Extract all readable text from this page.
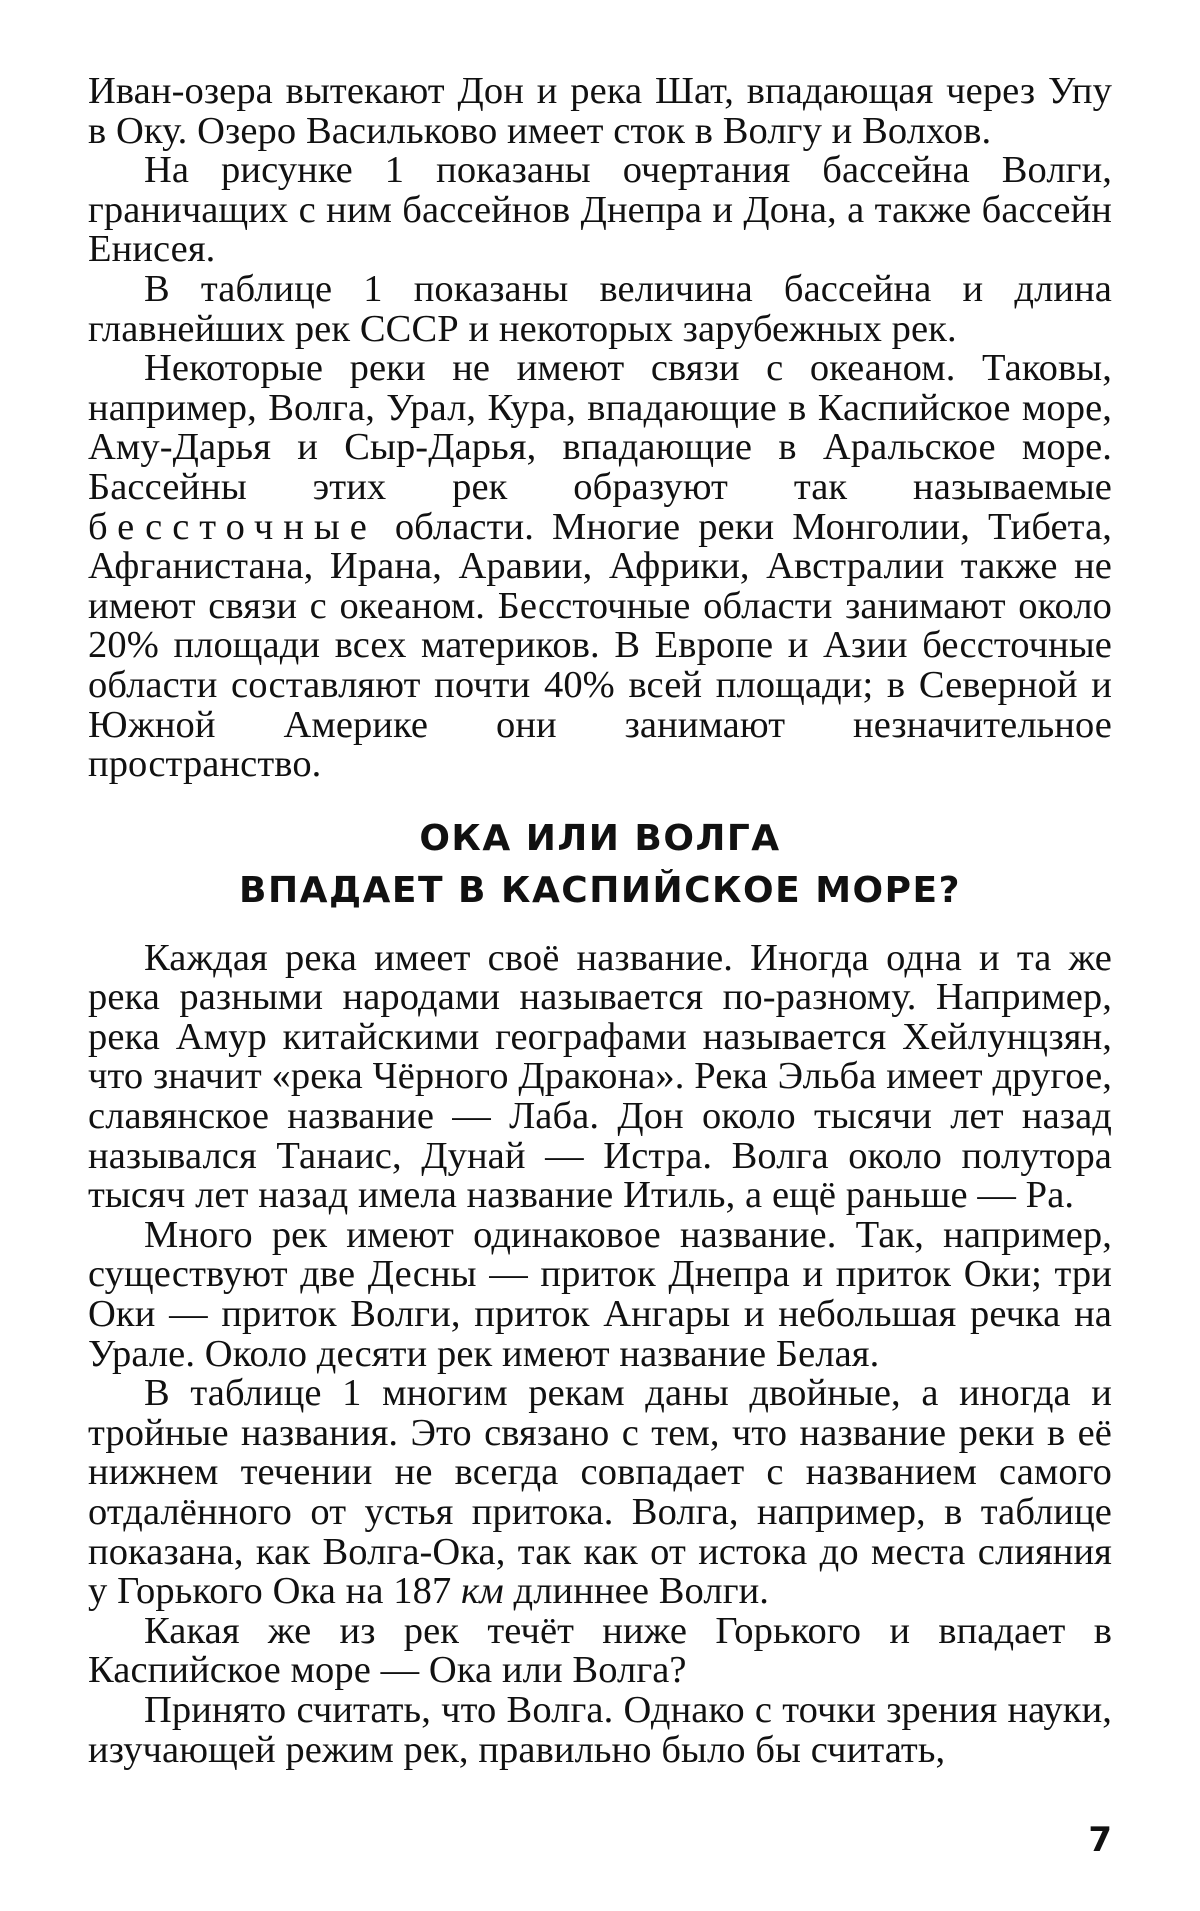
Иван-озера вытекают Дон и река Шат, впадающая через Упу в Оку. Озеро Васильково имеет сток в Волгу и Волхов.

На рисунке 1 показаны очертания бассейна Волги, граничащих с ним бассейнов Днепра и Дона, а также бассейн Енисея.

В таблице 1 показаны величина бассейна и длина главнейших рек СССР и некоторых зарубежных рек.

Некоторые реки не имеют связи с океаном. Таковы, например, Волга, Урал, Кура, впадающие в Каспийское море, Аму-Дарья и Сыр-Дарья, впадающие в Аральское море. Бассейны этих рек образуют так называемые бессточные области. Многие реки Монголии, Тибета, Афганистана, Ирана, Аравии, Африки, Австралии также не имеют связи с океаном. Бессточные области занимают около 20% площади всех материков. В Европе и Азии бессточные области составляют почти 40% всей площади; в Северной и Южной Америке они занимают незначительное пространство.

ОКА ИЛИ ВОЛГА
ВПАДАЕТ В КАСПИЙСКОЕ МОРЕ?

Каждая река имеет своё название. Иногда одна и та же река разными народами называется по-разному. Например, река Амур китайскими географами называется Хейлунцзян, что значит «река Чёрного Дракона». Река Эльба имеет другое, славянское название — Лаба. Дон около тысячи лет назад назывался Танаис, Дунай — Истра. Волга около полутора тысяч лет назад имела название Итиль, а ещё раньше — Ра.

Много рек имеют одинаковое название. Так, например, существуют две Десны — приток Днепра и приток Оки; три Оки — приток Волги, приток Ангары и небольшая речка на Урале. Около десяти рек имеют название Белая.

В таблице 1 многим рекам даны двойные, а иногда и тройные названия. Это связано с тем, что название реки в её нижнем течении не всегда совпадает с названием самого отдалённого от устья притока. Волга, например, в таблице показана, как Волга-Ока, так как от истока до места слияния у Горького Ока на 187 км длиннее Волги.

Какая же из рек течёт ниже Горького и впадает в Каспийское море — Ока или Волга?

Принято считать, что Волга. Однако с точки зрения науки, изучающей режим рек, правильно было бы считать,

7
